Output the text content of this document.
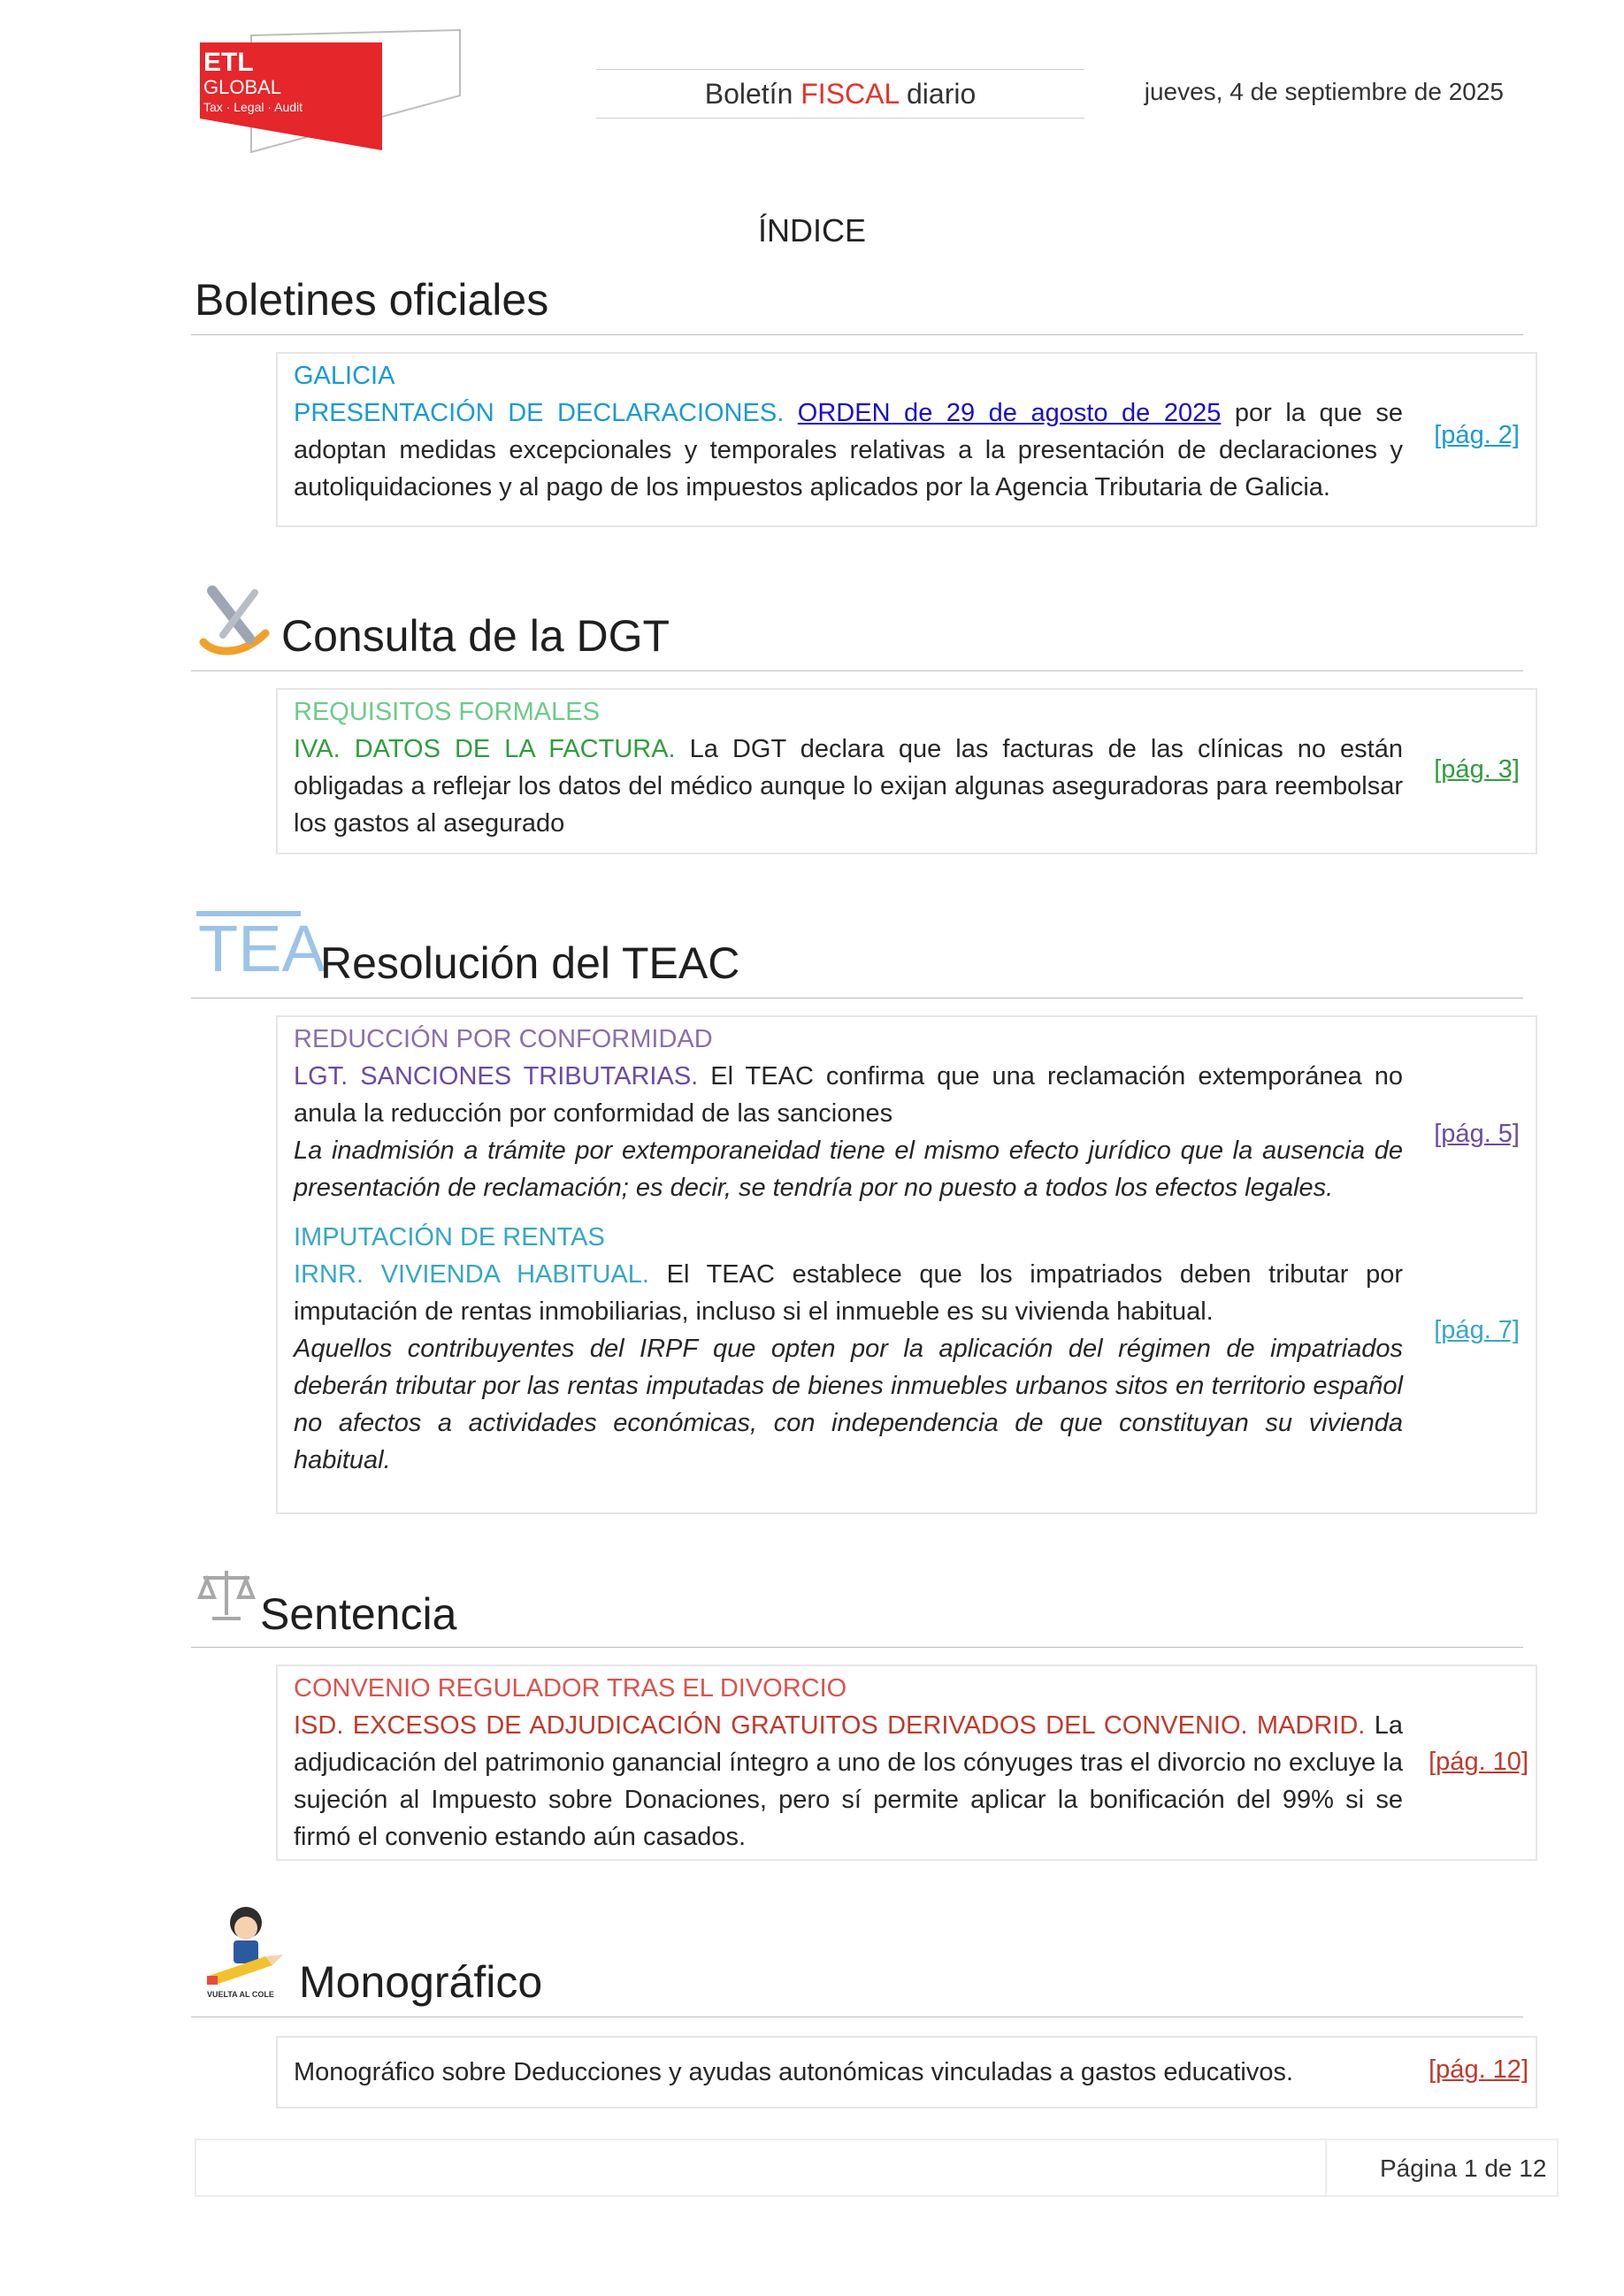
ETL
GLOBAL
Tax · Legal · Audit	Boletín FISCAL diario	jueves, 4 de septiembre de 2025
ÍNDICE
Boletines oficiales
GALICIA
PRESENTACIÓN DE DECLARACIONES. ORDEN de 29 de agosto de 2025 por la que se adoptan medidas excepcionales y temporales relativas a la presentación de declaraciones y autoliquidaciones y al pago de los impuestos aplicados por la Agencia Tributaria de Galicia.
[pág. 2]
Consulta de la DGT
REQUISITOS FORMALES
IVA. DATOS DE LA FACTURA. La DGT declara que las facturas de las clínicas no están obligadas a reflejar los datos del médico aunque lo exijan algunas aseguradoras para reembolsar los gastos al asegurado
[pág. 3]
TEA
Resolución del TEAC
REDUCCIÓN POR CONFORMIDAD
LGT. SANCIONES TRIBUTARIAS. El TEAC confirma que una reclamación extemporánea no anula la reducción por conformidad de las sanciones
La inadmisión a trámite por extemporaneidad tiene el mismo efecto jurídico que la ausencia de presentación de reclamación; es decir, se tendría por no puesto a todos los efectos legales.
[pág. 5]
IMPUTACIÓN DE RENTAS
IRNR. VIVIENDA HABITUAL. El TEAC establece que los impatriados deben tributar por imputación de rentas inmobiliarias, incluso si el inmueble es su vivienda habitual.
Aquellos contribuyentes del IRPF que opten por la aplicación del régimen de impatriados deberán tributar por las rentas imputadas de bienes inmuebles urbanos sitos en territorio español no afectos a actividades económicas, con independencia de que constituyan su vivienda habitual.
[pág. 7]
Sentencia
CONVENIO REGULADOR TRAS EL DIVORCIO
ISD. EXCESOS DE ADJUDICACIÓN GRATUITOS DERIVADOS DEL CONVENIO. MADRID. La adjudicación del patrimonio ganancial íntegro a uno de los cónyuges tras el divorcio no excluye la sujeción al Impuesto sobre Donaciones, pero sí permite aplicar la bonificación del 99% si se firmó el convenio estando aún casados.
[pág. 10]
VUELTA AL COLE Monográfico
Monográfico sobre Deducciones y ayudas autonómicas vinculadas a gastos educativos.	[pág. 12]
Página 1 de 12
